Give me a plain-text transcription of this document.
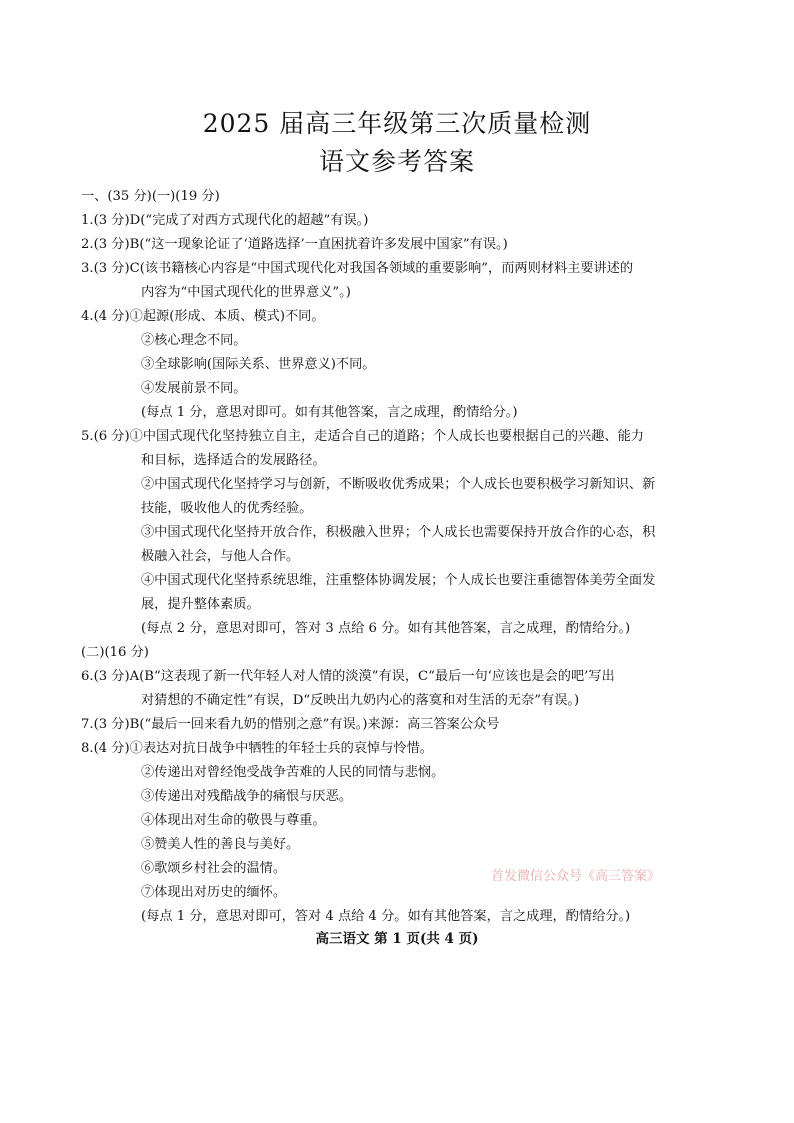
2025 届高三年级第三次质量检测
语文参考答案
一、(35 分)(一)(19 分)
1.(3 分)D(“完成了对西方式现代化的超越”有误。)
2.(3 分)B(“这一现象论证了‘道路选择’一直困扰着许多发展中国家”有误。)
3.(3 分)C(该书籍核心内容是“中国式现代化对我国各领域的重要影响”，而两则材料主要讲述的
内容为“中国式现代化的世界意义”。)
4.(4 分)①起源(形成、本质、模式)不同。
②核心理念不同。
③全球影响(国际关系、世界意义)不同。
④发展前景不同。
(每点 1 分，意思对即可。如有其他答案，言之成理，酌情给分。)
5.(6 分)①中国式现代化坚持独立自主，走适合自己的道路；个人成长也要根据自己的兴趣、能力
和目标，选择适合的发展路径。
②中国式现代化坚持学习与创新，不断吸收优秀成果；个人成长也要积极学习新知识、新
技能，吸收他人的优秀经验。
③中国式现代化坚持开放合作，积极融入世界；个人成长也需要保持开放合作的心态，积
极融入社会，与他人合作。
④中国式现代化坚持系统思维，注重整体协调发展；个人成长也要注重德智体美劳全面发
展，提升整体素质。
(每点 2 分，意思对即可，答对 3 点给 6 分。如有其他答案，言之成理，酌情给分。)
(二)(16 分)
6.(3 分)A(B“这表现了新一代年轻人对人情的淡漠”有误，C“最后一句‘应该也是会的吧’写出
对猜想的不确定性”有误，D“反映出九奶内心的落寞和对生活的无奈”有误。)
7.(3 分)B(“最后一回来看九奶的惜别之意”有误。)来源：高三答案公众号
8.(4 分)①表达对抗日战争中牺牲的年轻士兵的哀悼与怜惜。
②传递出对曾经饱受战争苦难的人民的同情与悲悯。
③传递出对残酷战争的痛恨与厌恶。
④体现出对生命的敬畏与尊重。
⑤赞美人性的善良与美好。
⑥歌颂乡村社会的温情。
⑦体现出对历史的缅怀。
(每点 1 分，意思对即可，答对 4 点给 4 分。如有其他答案，言之成理，酌情给分。)
首发微信公众号《高三答案》
高三语文 第 1 页(共 4 页)
